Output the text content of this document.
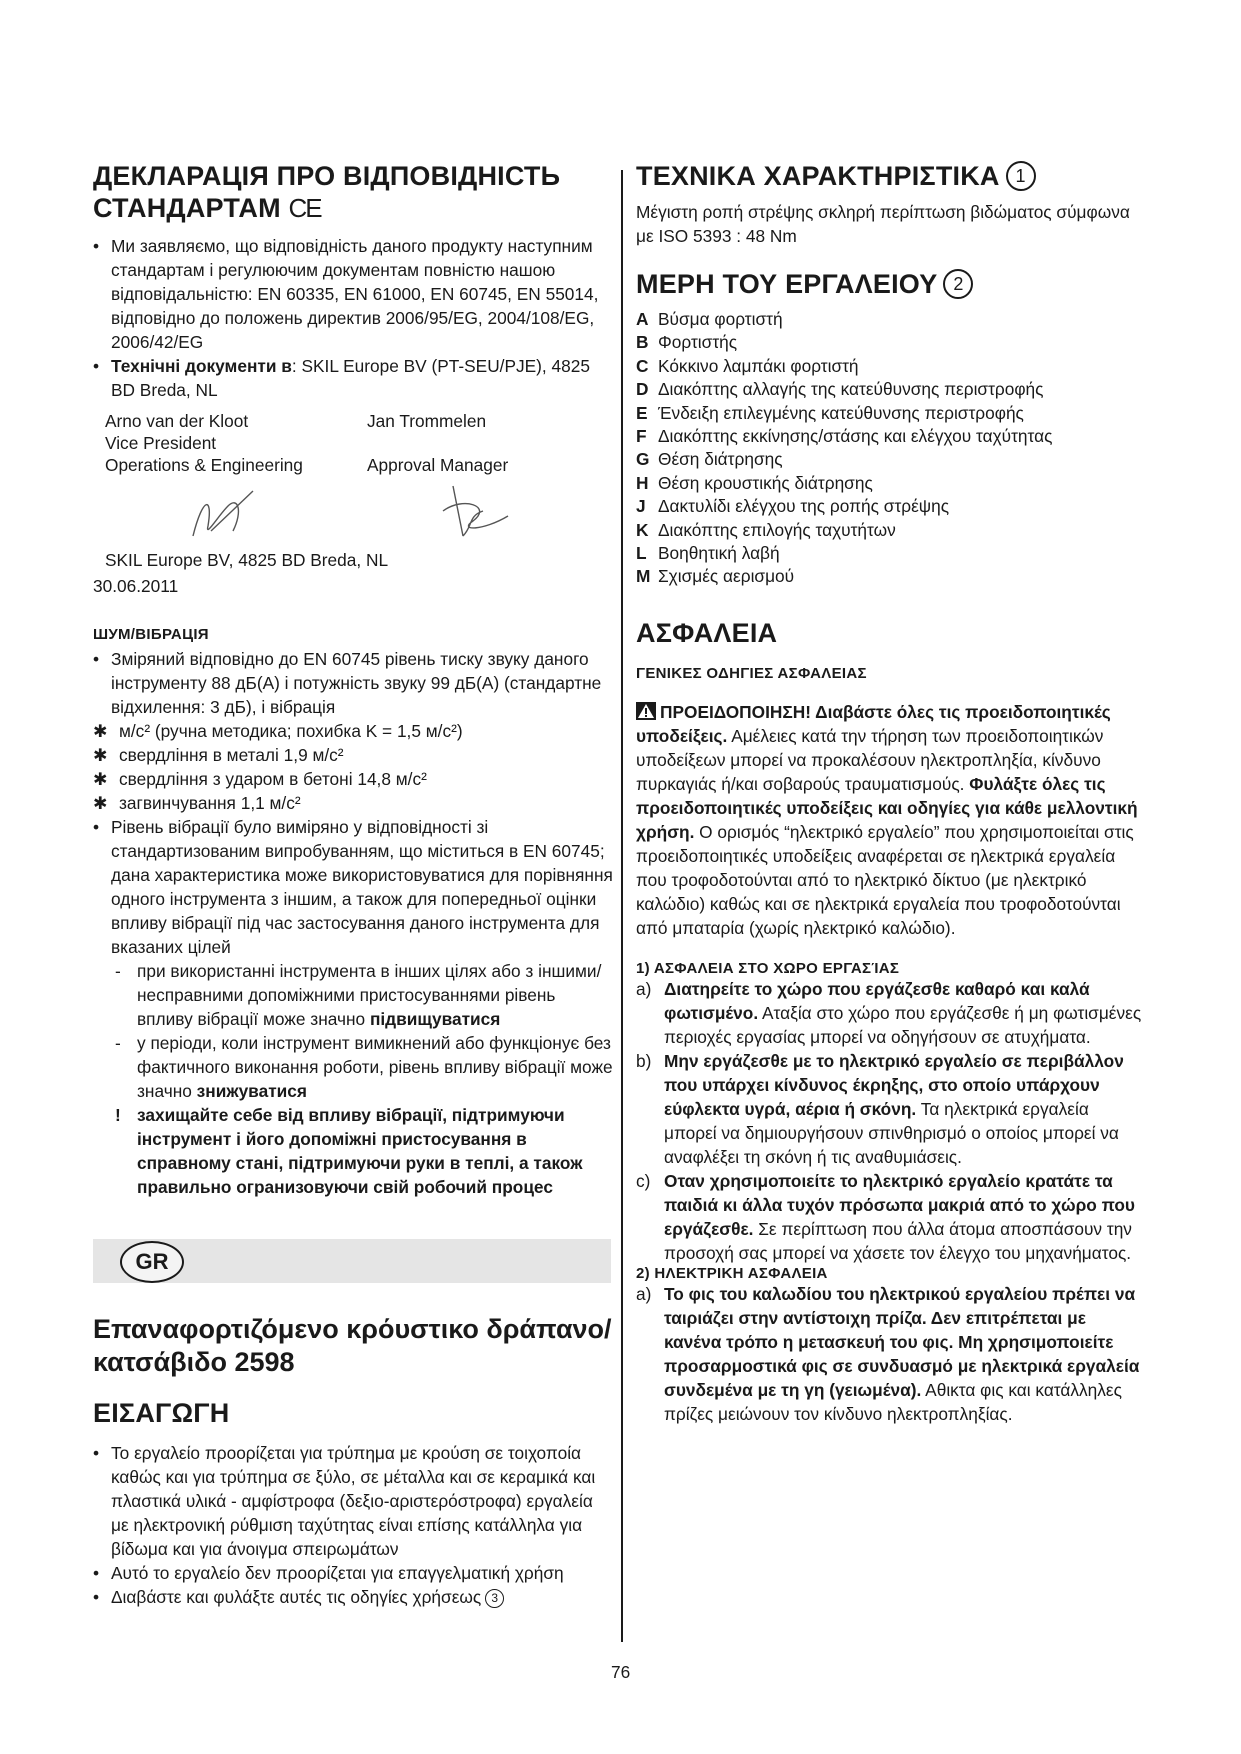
ДЕКЛАРАЦІЯ ПРО ВІДПОВІДНІСТЬ СТАНДАРТАМ CE
• Ми заявляємо, що відповідність даного продукту наступним стандартам і регулюючим документам повністю нашою відповідальністю: EN 60335, EN 61000, EN 60745, EN 55014, відповідно до положень директив 2006/95/EG, 2004/108/EG, 2006/42/EG
• Технічні документи в: SKIL Europe BV (PT-SEU/PJE), 4825 BD Breda, NL
Arno van der Kloot	Jan Trommelen
Vice President
Operations & Engineering	Approval Manager
SKIL Europe BV, 4825 BD Breda, NL
30.06.2011
ШУМ/ВІБРАЦІЯ
• Зміряний відповідно до EN 60745 рівень тиску звуку даного інструменту 88 дБ(A) і потужність звуку 99 дБ(A) (стандартне відхилення: 3 дБ), і вібрація
✱ м/с² (ручна методика; похибка K = 1,5 м/с²)
✱ свердління в металі 1,9 м/с²
✱ свердління з ударом в бетоні 14,8 м/с²
✱ загвинчування 1,1 м/с²
• Рівень вібрації було виміряно у відповідності зі стандартизованим випробуванням, що міститься в EN 60745; дана характеристика може використовуватися для порівняння одного інструмента з іншим, а також для попередньої оцінки впливу вібрації під час застосування даного інструмента для вказаних цілей
- при використанні інструмента в інших цілях або з іншими/несправними допоміжними пристосуваннями рівень впливу вібрації може значно підвищуватися
- у періоди, коли інструмент вимикнений або функціонує без фактичного виконання роботи, рівень впливу вібрації може значно знижуватися
! захищайте себе від впливу вібрації, підтримуючи інструмент і його допоміжні пристосування в справному стані, підтримуючи руки в теплі, а також правильно огранизовуючи свій робочий процес
GR
Επαναφορτιζόμενο κρόυστικο δράπανο/κατσάβιδο 2598
ΕΙΣΑΓΩΓΗ
• Το εργαλείο προορίζεται για τρύπημα με κρούση σε τοιχοποία καθώς και για τρύπημα σε ξύλο, σε μέταλλα και σε κεραμικά και πλαστικά υλικά - αμφίστροφα (δεξιο-αριστερόστροφα) εργαλεία με ηλεκτρονική ρύθμιση ταχύτητας είναι επίσης κατάλληλα για βίδωμα και για άνοιγμα σπειρωμάτων
• Αυτό το εργαλείο δεν προορίζεται για επαγγελματική χρήση
• Διαβάστε και φυλάξτε αυτές τις οδηγίες χρήσεως 3
ΤΕΧΝΙΚΑ ΧΑΡΑΚΤΗΡΙΣΤΙΚΑ 1
Μέγιστη ροπή στρέψης σκληρή περίπτωση βιδώματος σύμφωνα με ISO 5393 : 48 Nm
ΜΕΡΗ ΤΟΥ ΕΡΓΑΛΕΙΟΥ 2
A Βύσμα φορτιστή
B Φορτιστής
C Κόκκινο λαμπάκι φορτιστή
D Διακόπτης αλλαγής της κατεύθυνσης περιστροφής
E Ένδειξη επιλεγμένης κατεύθυνσης περιστροφής
F Διακόπτης εκκίνησης/στάσης και ελέγχου ταχύτητας
G Θέση διάτρησης
H Θέση κρουστικής διάτρησης
J Δακτυλίδι ελέγχου της ροπής στρέψης
K Διακόπτης επιλογής ταχυτήτων
L Βοηθητική λαβή
M Σχισμές αερισμού
ΑΣΦΑΛΕΙΑ
ΓΕΝΙΚΕΣ ΟΔΗΓΙΕΣ ΑΣΦΑΛΕΙΑΣ
ΠΡΟΕΙΔΟΠΟΙΗΣΗ! Διαβάστε όλες τις προειδοποιητικές υποδείξεις. Αμέλειες κατά την τήρηση των προειδοποιητικών υποδείξεων μπορεί να προκαλέσουν ηλεκτροπληξία, κίνδυνο πυρκαγιάς ή/και σοβαρούς τραυματισμούς. Φυλάξτε όλες τις προειδοποιητικές υποδείξεις και οδηγίες για κάθε μελλοντική χρήση. Ο ορισμός “ηλεκτρικό εργαλείο” που χρησιμοποιείται στις προειδοποιητικές υποδείξεις αναφέρεται σε ηλεκτρικά εργαλεία που τροφοδοτούνται από το ηλεκτρικό δίκτυο (με ηλεκτρικό καλώδιο) καθώς και σε ηλεκτρικά εργαλεία που τροφοδοτούνται από μπαταρία (χωρίς ηλεκτρικό καλώδιο).
1) ΑΣΦΑΛΕΙΑ ΣΤΟ ΧΩΡΟ ΕΡΓΑΣΊΑΣ
a) Διατηρείτε το χώρο που εργάζεσθε καθαρό και καλά φωτισμένο. Αταξία στο χώρο που εργάζεσθε ή μη φωτισμένες περιοχές εργασίας μπορεί να οδηγήσουν σε ατυχήματα.
b) Μην εργάζεσθε με το ηλεκτρικό εργαλείο σε περιβάλλον που υπάρχει κίνδυνος έκρηξης, στο οποίο υπάρχουν εύφλεκτα υγρά, αέρια ή σκόνη. Τα ηλεκτρικά εργαλεία μπορεί να δημιουργήσουν σπινθηρισμό ο οποίος μπορεί να αναφλέξει τη σκόνη ή τις αναθυμιάσεις.
c) Οταν χρησιμοποιείτε το ηλεκτρικό εργαλείο κρατάτε τα παιδιά κι άλλα τυχόν πρόσωπα μακριά από το χώρο που εργάζεσθε. Σε περίπτωση που άλλα άτομα αποσπάσουν την προσοχή σας μπορεί να χάσετε τον έλεγχο του μηχανήματος.
2) ΗΛΕΚΤΡΙΚΗ ΑΣΦΑΛΕΙΑ
a) Το φις του καλωδίου του ηλεκτρικού εργαλείου πρέπει να ταιριάζει στην αντίστοιχη πρίζα. Δεν επιτρέπεται με κανένα τρόπο η μετασκευή του φις. Μη χρησιμοποιείτε προσαρμοστικά φις σε συνδυασμό με ηλεκτρικά εργαλεία συνδεμένα με τη γη (γειωμένα). Αθικτα φις και κατάλληλες πρίζες μειώνουν τον κίνδυνο ηλεκτροπληξίας.
76
